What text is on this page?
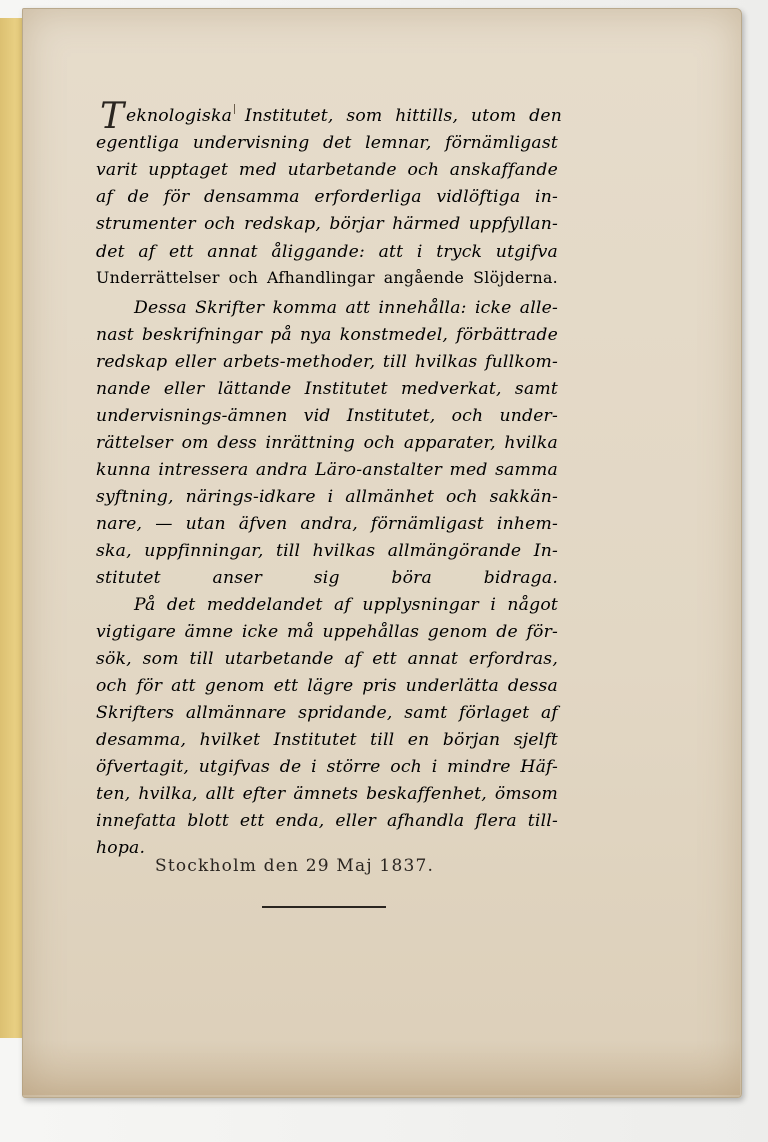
T eknologiska Institutet, som hittills, utom den
egentliga undervisning det lemnar, förnämligast
varit upptaget med utarbetande och anskaffande
af de för densamma erforderliga vidlöftiga in-
strumenter och redskap, börjar härmed uppfyllan-
det af ett annat åliggande: att i tryck utgifva
Underrättelser och Afhandlingar angående Slöjderna.
Dessa Skrifter komma att innehålla: icke alle-
nast beskrifningar på nya konstmedel, förbättrade
redskap eller arbets-methoder, till hvilkas fullkom-
nande eller lättande Institutet medverkat, samt
undervisnings-ämnen vid Institutet, och under-
rättelser om dess inrättning och apparater, hvilka
kunna intressera andra Läro-anstalter med samma
syftning, närings-idkare i allmänhet och sakkän-
nare, — utan äfven andra, förnämligast inhem-
ska, uppfinningar, till hvilkas allmängörande In-
stitutet anser sig böra bidraga.
På det meddelandet af upplysningar i något
vigtigare ämne icke må uppehållas genom de för-
sök, som till utarbetande af ett annat erfordras,
och för att genom ett lägre pris underlätta dessa
Skrifters allmännare spridande, samt förlaget af
desamma, hvilket Institutet till en början sjelft
öfvertagit, utgifvas de i större och i mindre Häf-
ten, hvilka, allt efter ämnets beskaffenhet, ömsom
innefatta blott ett enda, eller afhandla flera till-
hopa.
Stockholm den 29 Maj 1837.
